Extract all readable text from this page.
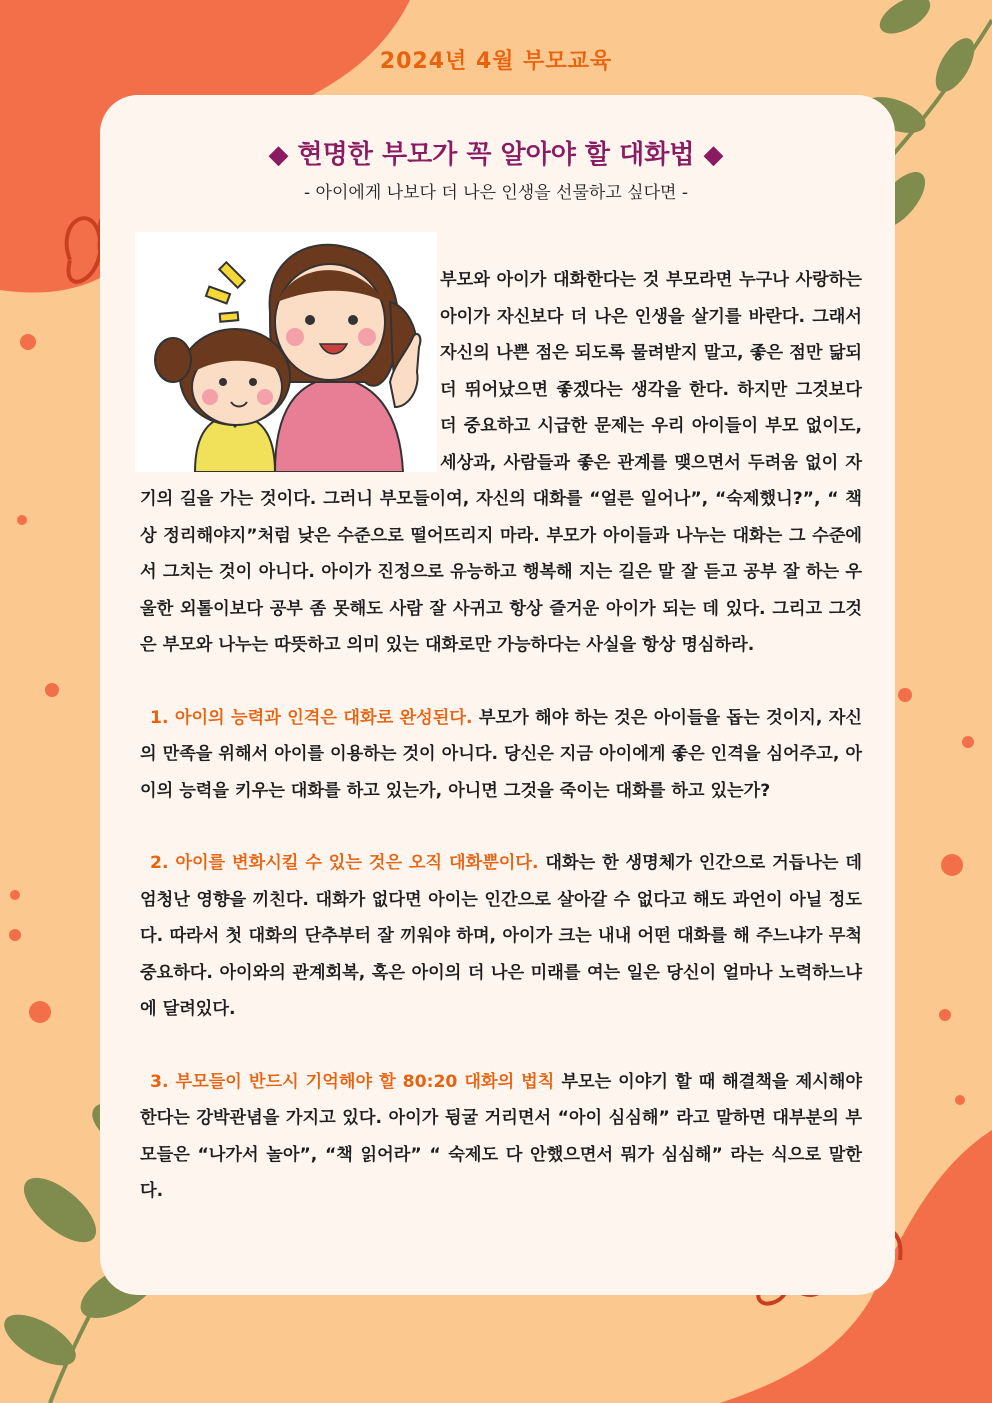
2024년 4월 부모교육
◆ 현명한 부모가 꼭 알아야 할 대화법 ◆
- 아이에게 나보다 더 나은 인생을 선물하고 싶다면 -

부모와 아이가 대화한다는 것 부모라면 누구나 사랑하는 아이가 자신보다 더 나은 인생을 살기를 바란다. 그래서 자신의 나쁜 점은 되도록 물려받지 말고, 좋은 점만 닮되 더 뛰어났으면 좋겠다는 생각을 한다. 하지만 그것보다 더 중요하고 시급한 문제는 우리 아이들이 부모 없이도, 세상과, 사람들과 좋은 관계를 맺으면서 두려움 없이 자기의 길을 가는 것이다. 그러니 부모들이여, 자신의 대화를 “얼른 일어나”, “숙제했니?”, “ 책상 정리해야지”처럼 낮은 수준으로 떨어뜨리지 마라. 부모가 아이들과 나누는 대화는 그 수준에서 그치는 것이 아니다. 아이가 진정으로 유능하고 행복해 지는 길은 말 잘 듣고 공부 잘 하는 우울한 외톨이보다 공부 좀 못해도 사람 잘 사귀고 항상 즐거운 아이가 되는 데 있다. 그리고 그것은 부모와 나누는 따뜻하고 의미 있는 대화로만 가능하다는 사실을 항상 명심하라.

1. 아이의 능력과 인격은 대화로 완성된다. 부모가 해야 하는 것은 아이들을 돕는 것이지, 자신의 만족을 위해서 아이를 이용하는 것이 아니다. 당신은 지금 아이에게 좋은 인격을 심어주고, 아이의 능력을 키우는 대화를 하고 있는가, 아니면 그것을 죽이는 대화를 하고 있는가?

2. 아이를 변화시킬 수 있는 것은 오직 대화뿐이다. 대화는 한 생명체가 인간으로 거듭나는 데 엄청난 영향을 끼친다. 대화가 없다면 아이는 인간으로 살아갈 수 없다고 해도 과언이 아닐 정도다. 따라서 첫 대화의 단추부터 잘 끼워야 하며, 아이가 크는 내내 어떤 대화를 해 주느냐가 무척 중요하다. 아이와의 관계회복, 혹은 아이의 더 나은 미래를 여는 일은 당신이 얼마나 노력하느냐에 달려있다.

3. 부모들이 반드시 기억해야 할 80:20 대화의 법칙 부모는 이야기 할 때 해결책을 제시해야 한다는 강박관념을 가지고 있다. 아이가 뒹굴 거리면서 “아이 심심해” 라고 말하면 대부분의 부모들은 “나가서 놀아”, “책 읽어라” “ 숙제도 다 안했으면서 뭐가 심심해” 라는 식으로 말한다.
